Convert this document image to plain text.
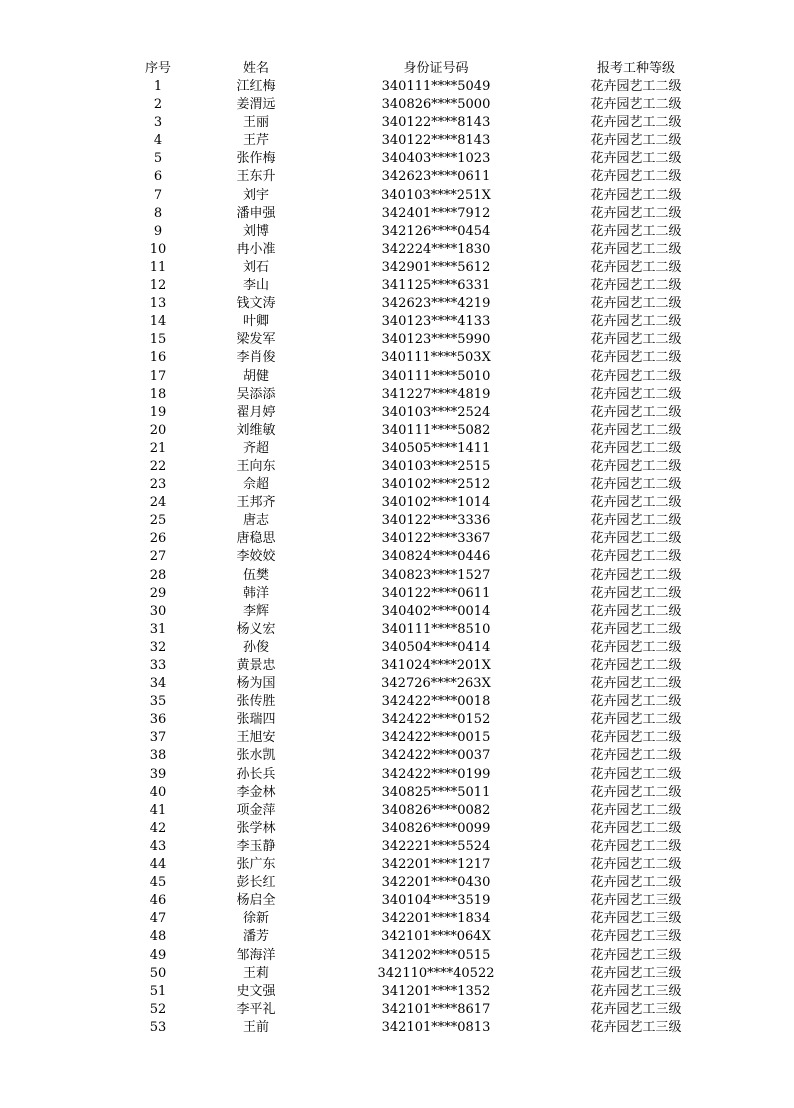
序号	姓名	身份证号码	报考工种等级
1	江红梅	340111****5049	花卉园艺工二级
2	姜渭远	340826****5000	花卉园艺工二级
3	王丽	340122****8143	花卉园艺工二级
4	王芹	340122****8143	花卉园艺工二级
5	张作梅	340403****1023	花卉园艺工二级
6	王东升	342623****0611	花卉园艺工二级
7	刘宇	340103****251X	花卉园艺工二级
8	潘申强	342401****7912	花卉园艺工二级
9	刘博	342126****0454	花卉园艺工二级
10	冉小准	342224****1830	花卉园艺工二级
11	刘石	342901****5612	花卉园艺工二级
12	李山	341125****6331	花卉园艺工二级
13	钱文涛	342623****4219	花卉园艺工二级
14	叶卿	340123****4133	花卉园艺工二级
15	梁发军	340123****5990	花卉园艺工二级
16	李肖俊	340111****503X	花卉园艺工二级
17	胡健	340111****5010	花卉园艺工二级
18	吴添添	341227****4819	花卉园艺工二级
19	翟月婷	340103****2524	花卉园艺工二级
20	刘维敏	340111****5082	花卉园艺工二级
21	齐超	340505****1411	花卉园艺工二级
22	王向东	340103****2515	花卉园艺工二级
23	佘超	340102****2512	花卉园艺工二级
24	王邦齐	340102****1014	花卉园艺工二级
25	唐志	340122****3336	花卉园艺工二级
26	唐稳思	340122****3367	花卉园艺工二级
27	李姣姣	340824****0446	花卉园艺工二级
28	伍樊	340823****1527	花卉园艺工二级
29	韩洋	340122****0611	花卉园艺工二级
30	李辉	340402****0014	花卉园艺工二级
31	杨义宏	340111****8510	花卉园艺工二级
32	孙俊	340504****0414	花卉园艺工二级
33	黄景忠	341024****201X	花卉园艺工二级
34	杨为国	342726****263X	花卉园艺工二级
35	张传胜	342422****0018	花卉园艺工二级
36	张瑞四	342422****0152	花卉园艺工二级
37	王旭安	342422****0015	花卉园艺工二级
38	张水凯	342422****0037	花卉园艺工二级
39	孙长兵	342422****0199	花卉园艺工二级
40	李金林	340825****5011	花卉园艺工二级
41	项金萍	340826****0082	花卉园艺工二级
42	张学林	340826****0099	花卉园艺工二级
43	李玉静	342221****5524	花卉园艺工二级
44	张广东	342201****1217	花卉园艺工二级
45	彭长红	342201****0430	花卉园艺工二级
46	杨启全	340104****3519	花卉园艺工三级
47	徐新	342201****1834	花卉园艺工三级
48	潘芳	342101****064X	花卉园艺工三级
49	邹海洋	341202****0515	花卉园艺工三级
50	王莉	342110****40522	花卉园艺工三级
51	史文强	341201****1352	花卉园艺工三级
52	李平礼	342101****8617	花卉园艺工三级
53	王前	342101****0813	花卉园艺工三级
